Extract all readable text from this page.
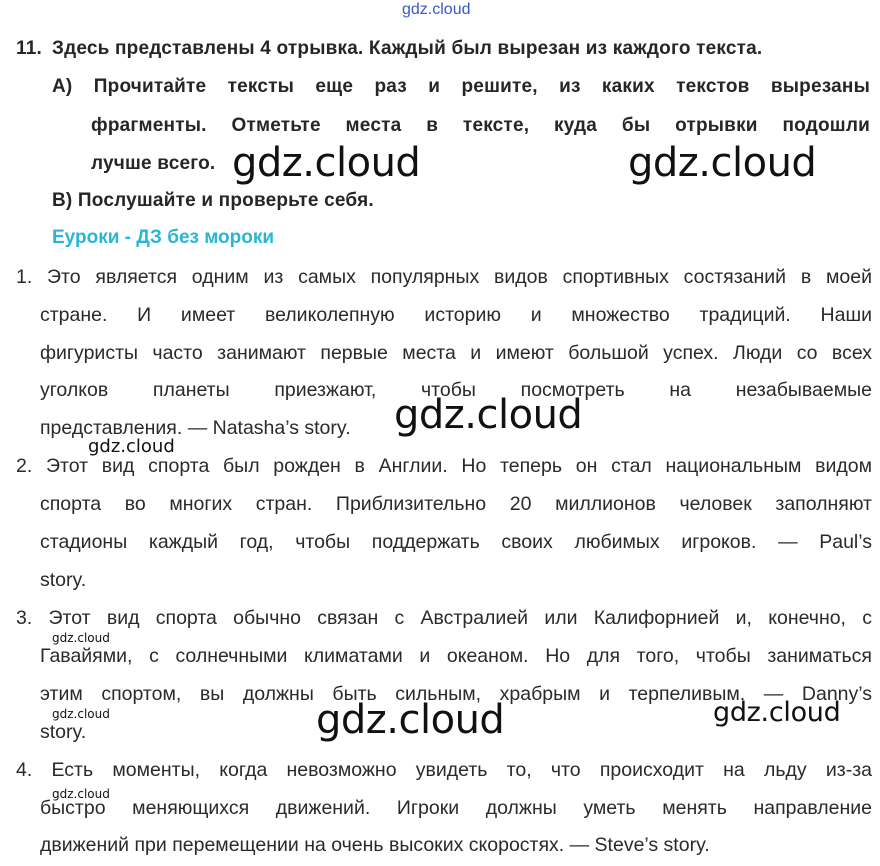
gdz.cloud
11. Здесь представлены 4 отрывка. Каждый был вырезан из каждого текста.
А) Прочитайте тексты еще раз и решите, из каких текстов вырезаны
фрагменты. Отметьте места в тексте, куда бы отрывки подошли
лучше всего.
В) Послушайте и проверьте себя.
Еуроки - ДЗ без мороки
1. Это является одним из самых популярных видов спортивных состязаний в моей
стране. И имеет великолепную историю и множество традиций. Наши
фигуристы часто занимают первые места и имеют большой успех. Люди со всех
уголков планеты приезжают, чтобы посмотреть на незабываемые
представления. — Natasha’s story.
2. Этот вид спорта был рожден в Англии. Но теперь он стал национальным видом
спорта во многих стран. Приблизительно 20 миллионов человек заполняют
стадионы каждый год, чтобы поддержать своих любимых игроков. — Paul’s
story.
3. Этот вид спорта обычно связан с Австралией или Калифорнией и, конечно, с
Гавайями, с солнечными климатами и океаном. Но для того, чтобы заниматься
этим спортом, вы должны быть сильным, храбрым и терпеливым. — Danny’s
story.
4. Есть моменты, когда невозможно увидеть то, что происходит на льду из-за
быстро меняющихся движений. Игроки должны уметь менять направление
движений при перемещении на очень высоких скоростях. — Steve’s story.
gdz.cloud	gdz.cloud
gdz.cloud
gdz.cloud
gdz.cloud
gdz.cloud	gdz.cloud	gdz.cloud
gdz.cloud
